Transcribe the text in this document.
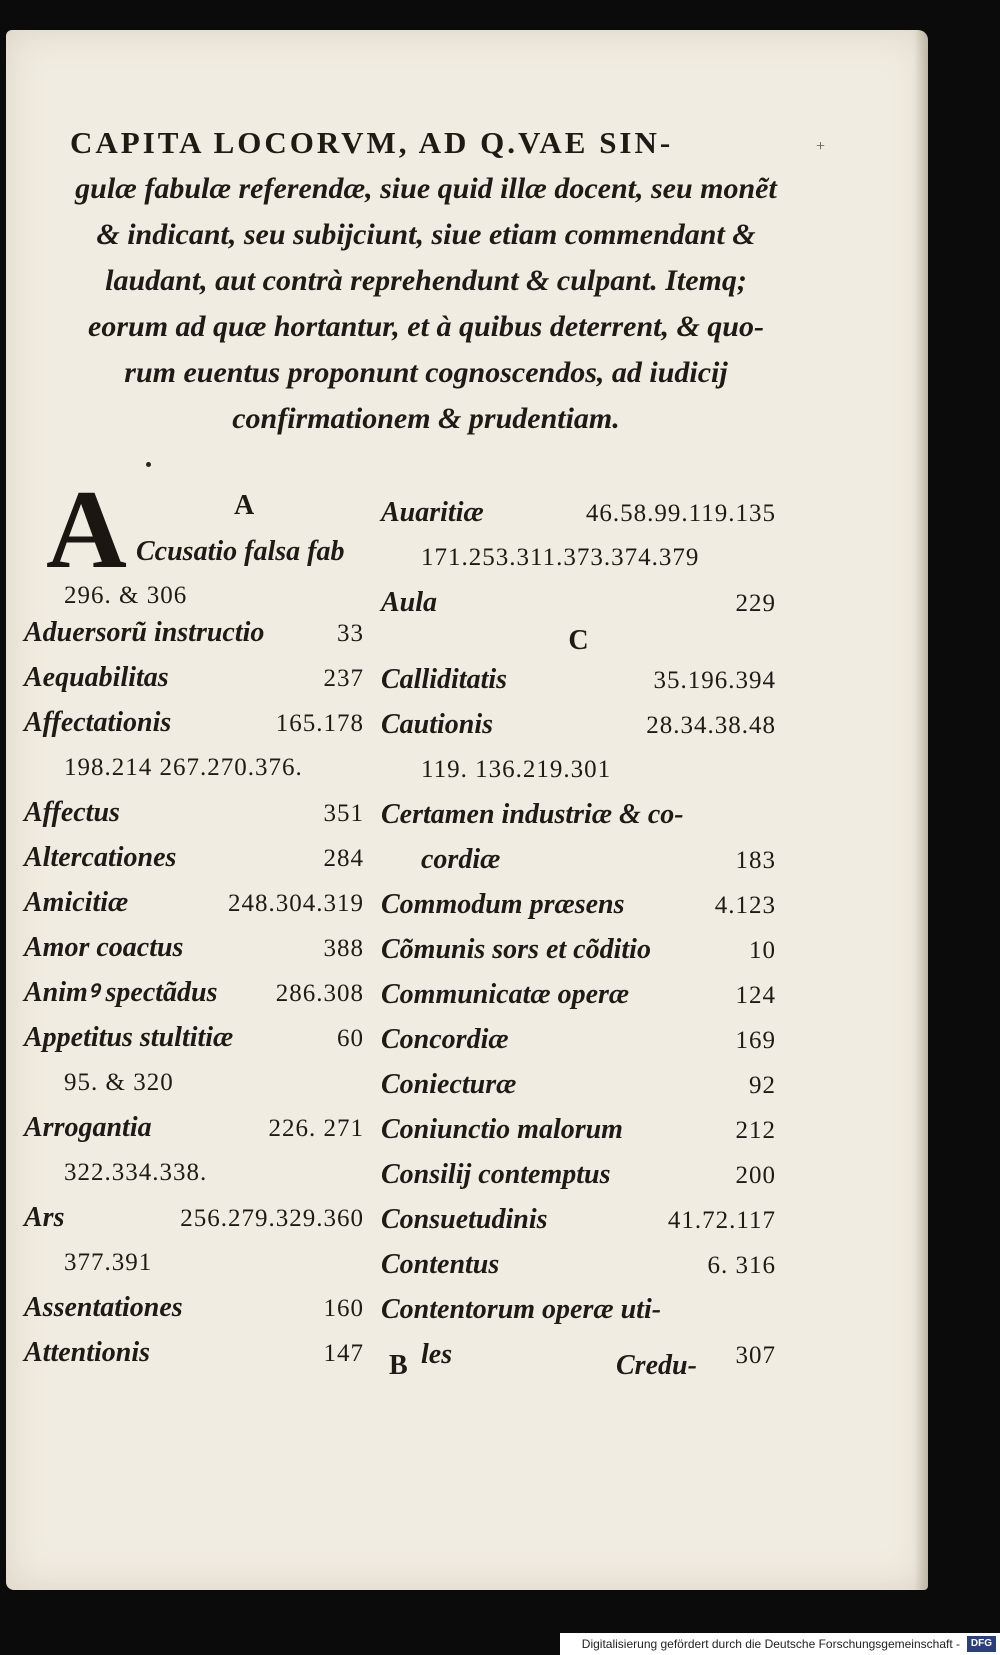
+
CAPITA LOCORVM, AD Q.VAE SIN-
gulæ fabulæ referendæ, siue quid illæ docent, seu monẽt
& indicant, seu subijciunt, siue etiam commendant &
laudant, aut contrà reprehendunt & culpant. Itemq;
eorum ad quæ hortantur, et à quibus deterrent, & quo-
rum euentus proponunt cognoscendos, ad iudicij
confirmationem & prudentiam.
A	A
Ccusatio falsa fab
296. & 306
Aduersorũ instructio	33
Aequabilitas	237
Affectationis	165.178
198.214 267.270.376.
Affectus	351
Altercationes	284
Amicitiæ	248.304.319
Amor coactus	388
Animꝰ spectãdus 286.308
Appetitus stultitiæ	60
95. & 320
Arrogantia	226. 271
322.334.338.
Ars	256.279.329.360
377.391
Assentationes	160
Attentionis	147
Auaritiæ	46.58.99.119.135
171.253.311.373.374.379
Aula	229
C
Calliditatis	35.196.394
Cautionis	28.34.38.48
119. 136.219.301
Certamen industriæ & co-
cordiæ	183
Commodum præsens	4.123
Cõmunis sors et cõditio	10
Communicatæ operæ	124
Concordiæ	169
Coniecturæ	92
Coniunctio malorum	212
Consilij contemptus	200
Consuetudinis	41.72.117
Contentus	6. 316
Contentorum operæ uti-
les	307
B	Credu-
Digitalisierung gefördert durch die Deutsche Forschungsgemeinschaft -	DFG
